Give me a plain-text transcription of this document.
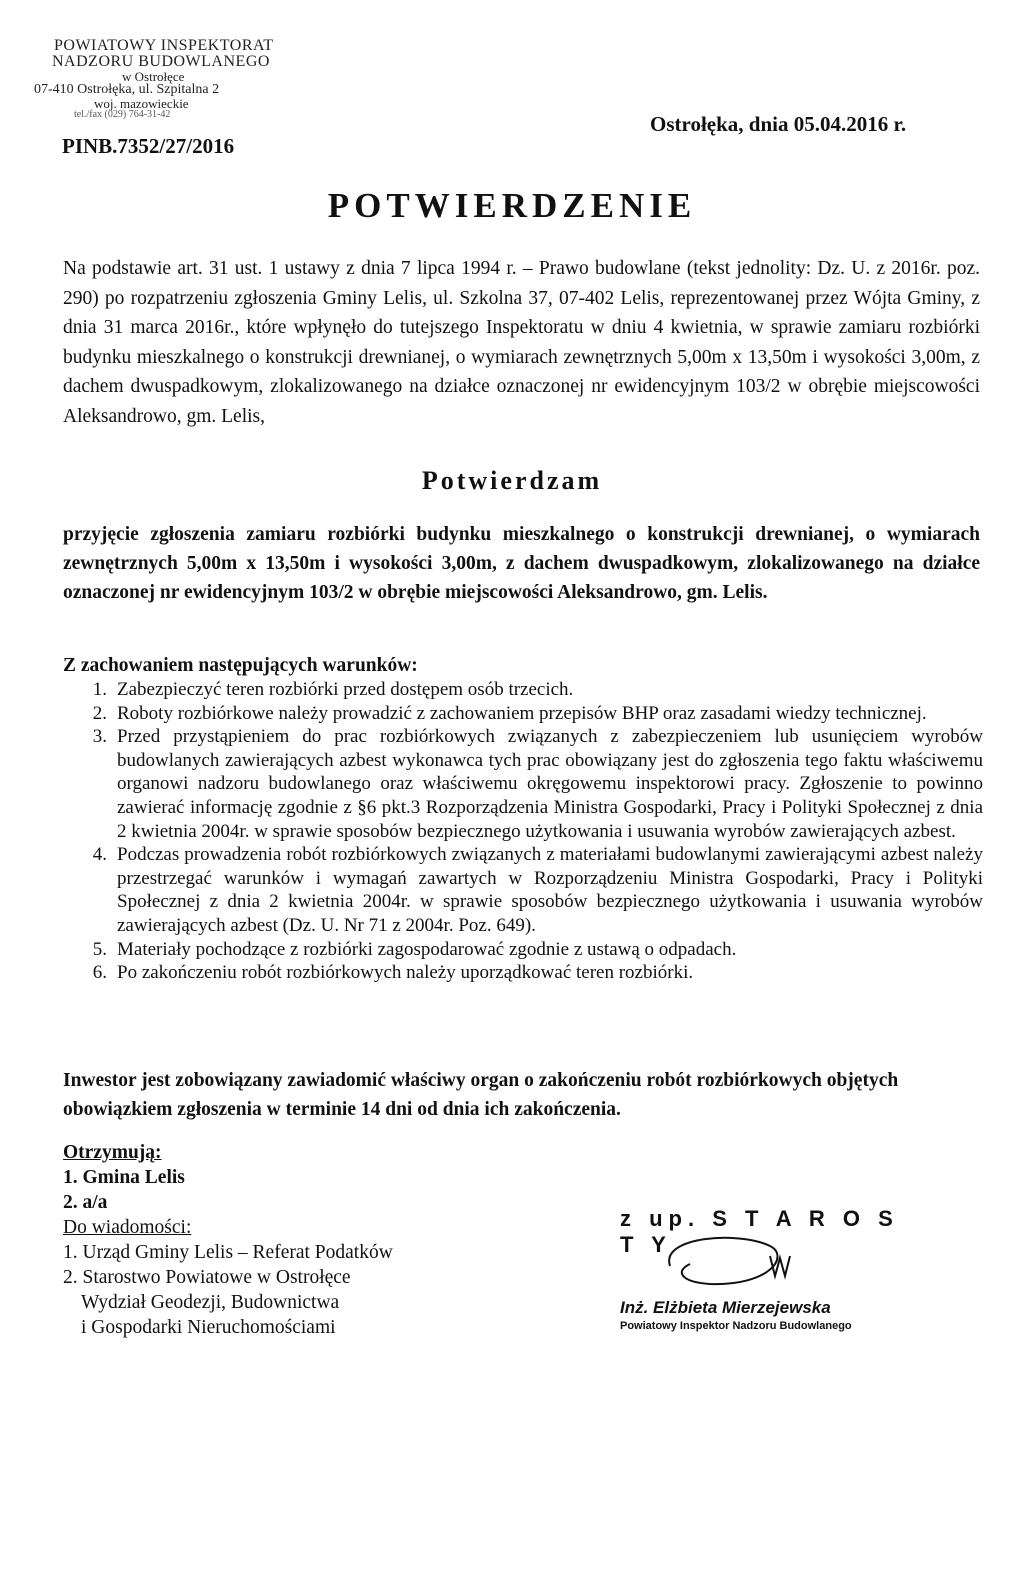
POWIATOWY INSPEKTORAT
NADZORU BUDOWLANEGO
w Ostrołęce
07-410 Ostrołęka, ul. Szpitalna 2
woj. mazowieckie
tel./fax (029) 764-31-42
PINB.7352/27/2016
Ostrołęka, dnia 05.04.2016 r.
POTWIERDZENIE
Na podstawie art. 31 ust. 1 ustawy z dnia 7 lipca 1994 r. – Prawo budowlane (tekst jednolity: Dz. U. z 2016r. poz. 290) po rozpatrzeniu zgłoszenia Gminy Lelis, ul. Szkolna 37, 07-402 Lelis, reprezentowanej przez Wójta Gminy, z dnia 31 marca 2016r., które wpłynęło do tutejszego Inspektoratu w dniu 4 kwietnia, w sprawie zamiaru rozbiórki budynku mieszkalnego o konstrukcji drewnianej, o wymiarach zewnętrznych 5,00m x 13,50m i wysokości 3,00m, z dachem dwuspadkowym, zlokalizowanego na działce oznaczonej nr ewidencyjnym 103/2 w obrębie miejscowości Aleksandrowo, gm. Lelis,
Potwierdzam
przyjęcie zgłoszenia zamiaru rozbiórki budynku mieszkalnego o konstrukcji drewnianej, o wymiarach zewnętrznych 5,00m x 13,50m i wysokości 3,00m, z dachem dwuspadkowym, zlokalizowanego na działce oznaczonej nr ewidencyjnym 103/2 w obrębie miejscowości Aleksandrowo, gm. Lelis.
Z zachowaniem następujących warunków:
1. Zabezpieczyć teren rozbiórki przed dostępem osób trzecich.
2. Roboty rozbiórkowe należy prowadzić z zachowaniem przepisów BHP oraz zasadami wiedzy technicznej.
3. Przed przystąpieniem do prac rozbiórkowych związanych z zabezpieczeniem lub usunięciem wyrobów budowlanych zawierających azbest wykonawca tych prac obowiązany jest do zgłoszenia tego faktu właściwemu organowi nadzoru budowlanego oraz właściwemu okręgowemu inspektorowi pracy. Zgłoszenie to powinno zawierać informację zgodnie z §6 pkt.3 Rozporządzenia Ministra Gospodarki, Pracy i Polityki Społecznej z dnia 2 kwietnia 2004r. w sprawie sposobów bezpiecznego użytkowania i usuwania wyrobów zawierających azbest.
4. Podczas prowadzenia robót rozbiórkowych związanych z materiałami budowlanymi zawierającymi azbest należy przestrzegać warunków i wymagań zawartych w Rozporządzeniu Ministra Gospodarki, Pracy i Polityki Społecznej z dnia 2 kwietnia 2004r. w sprawie sposobów bezpiecznego użytkowania i usuwania wyrobów zawierających azbest (Dz. U. Nr 71 z 2004r. Poz. 649).
5. Materiały pochodzące z rozbiórki zagospodarować zgodnie z ustawą o odpadach.
6. Po zakończeniu robót rozbiórkowych należy uporządkować teren rozbiórki.
Inwestor jest zobowiązany zawiadomić właściwy organ o zakończeniu robót rozbiórkowych objętych obowiązkiem zgłoszenia w terminie 14 dni od dnia ich zakończenia.
Otrzymują:
1. Gmina Lelis
2. a/a
Do wiadomości:
1. Urząd Gminy Lelis – Referat Podatków
2. Starostwo Powiatowe w Ostrołęce
Wydział Geodezji, Budownictwa
i Gospodarki Nieruchomościami
z up. S T A R O S T Y
Inż. Elżbieta Mierzejewska
Powiatowy Inspektor Nadzoru Budowlanego
